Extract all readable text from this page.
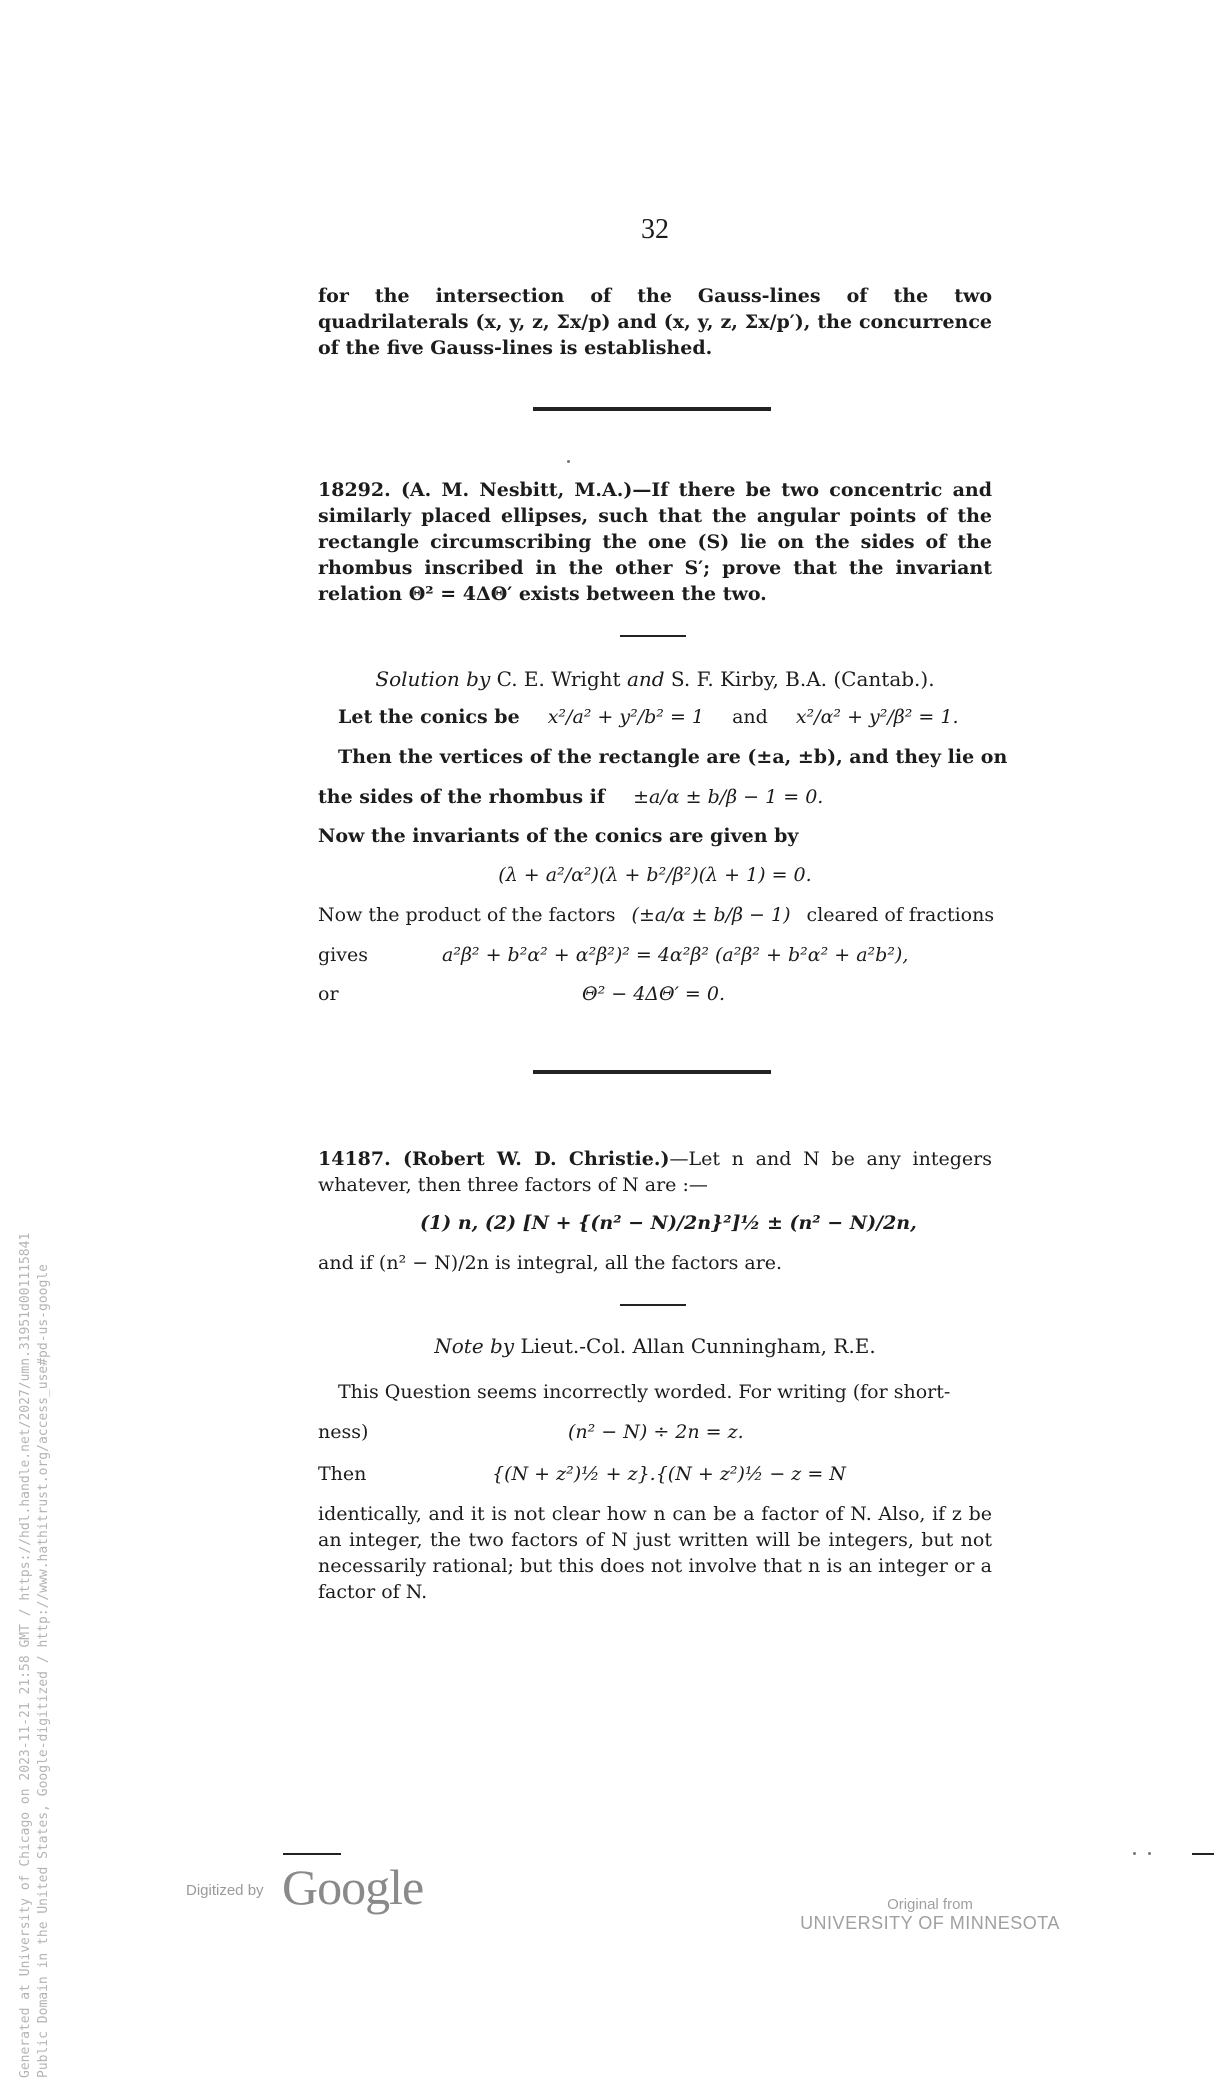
32

for the intersection of the Gauss-lines of the two quadrilaterals (x, y, z, Σx/p) and (x, y, z, Σx/p′), the concurrence of the five Gauss-lines is established.

18292. (A. M. Nesbitt, M.A.)—If there be two concentric and similarly placed ellipses, such that the angular points of the rectangle circumscribing the one (S) lie on the sides of the rhombus inscribed in the other S′; prove that the invariant relation Θ² = 4ΔΘ′ exists between the two.

Solution by C. E. Wright and S. F. Kirby, B.A. (Cantab.).
Let the conics be x²/a² + y²/b² = 1 and x²/α² + y²/β² = 1.
Then the vertices of the rectangle are (±a, ±b), and they lie on
the sides of the rhombus if ±a/α ± b/β − 1 = 0.
Now the invariants of the conics are given by
(λ + a²/α²)(λ + b²/β²)(λ + 1) = 0.
Now the product of the factors (±a/α ± b/β − 1) cleared of fractions
gives	a²β² + b²α² + α²β²)² = 4α²β² (a²β² + b²α² + a²b²),
or	Θ² − 4ΔΘ′ = 0.

14187. (Robert W. D. Christie.)—Let n and N be any integers whatever, then three factors of N are :—

(1) n, (2) [N + {(n² − N)/2n}²]½ ± (n² − N)/2n,
and if (n² − N)/2n is integral, all the factors are.
Note by Lieut.-Col. Allan Cunningham, R.E.
This Question seems incorrectly worded. For writing (for short-
ness)	(n² − N) ÷ 2n = z.
Then	{(N + z²)½ + z}.{(N + z²)½ − z = N

identically, and it is not clear how n can be a factor of N. Also, if z be an integer, the two factors of N just written will be integers, but not necessarily rational; but this does not involve that n is an integer or a factor of N.

Generated at University of Chicago on 2023-11-21 21:58 GMT / https://hdl.handle.net/2027/umn.31951d001115841 Public Domain in the United States, Google-digitized / http://www.hathitrust.org/access_use#pd-us-google	Digitized by Google	Original from
UNIVERSITY OF MINNESOTA
